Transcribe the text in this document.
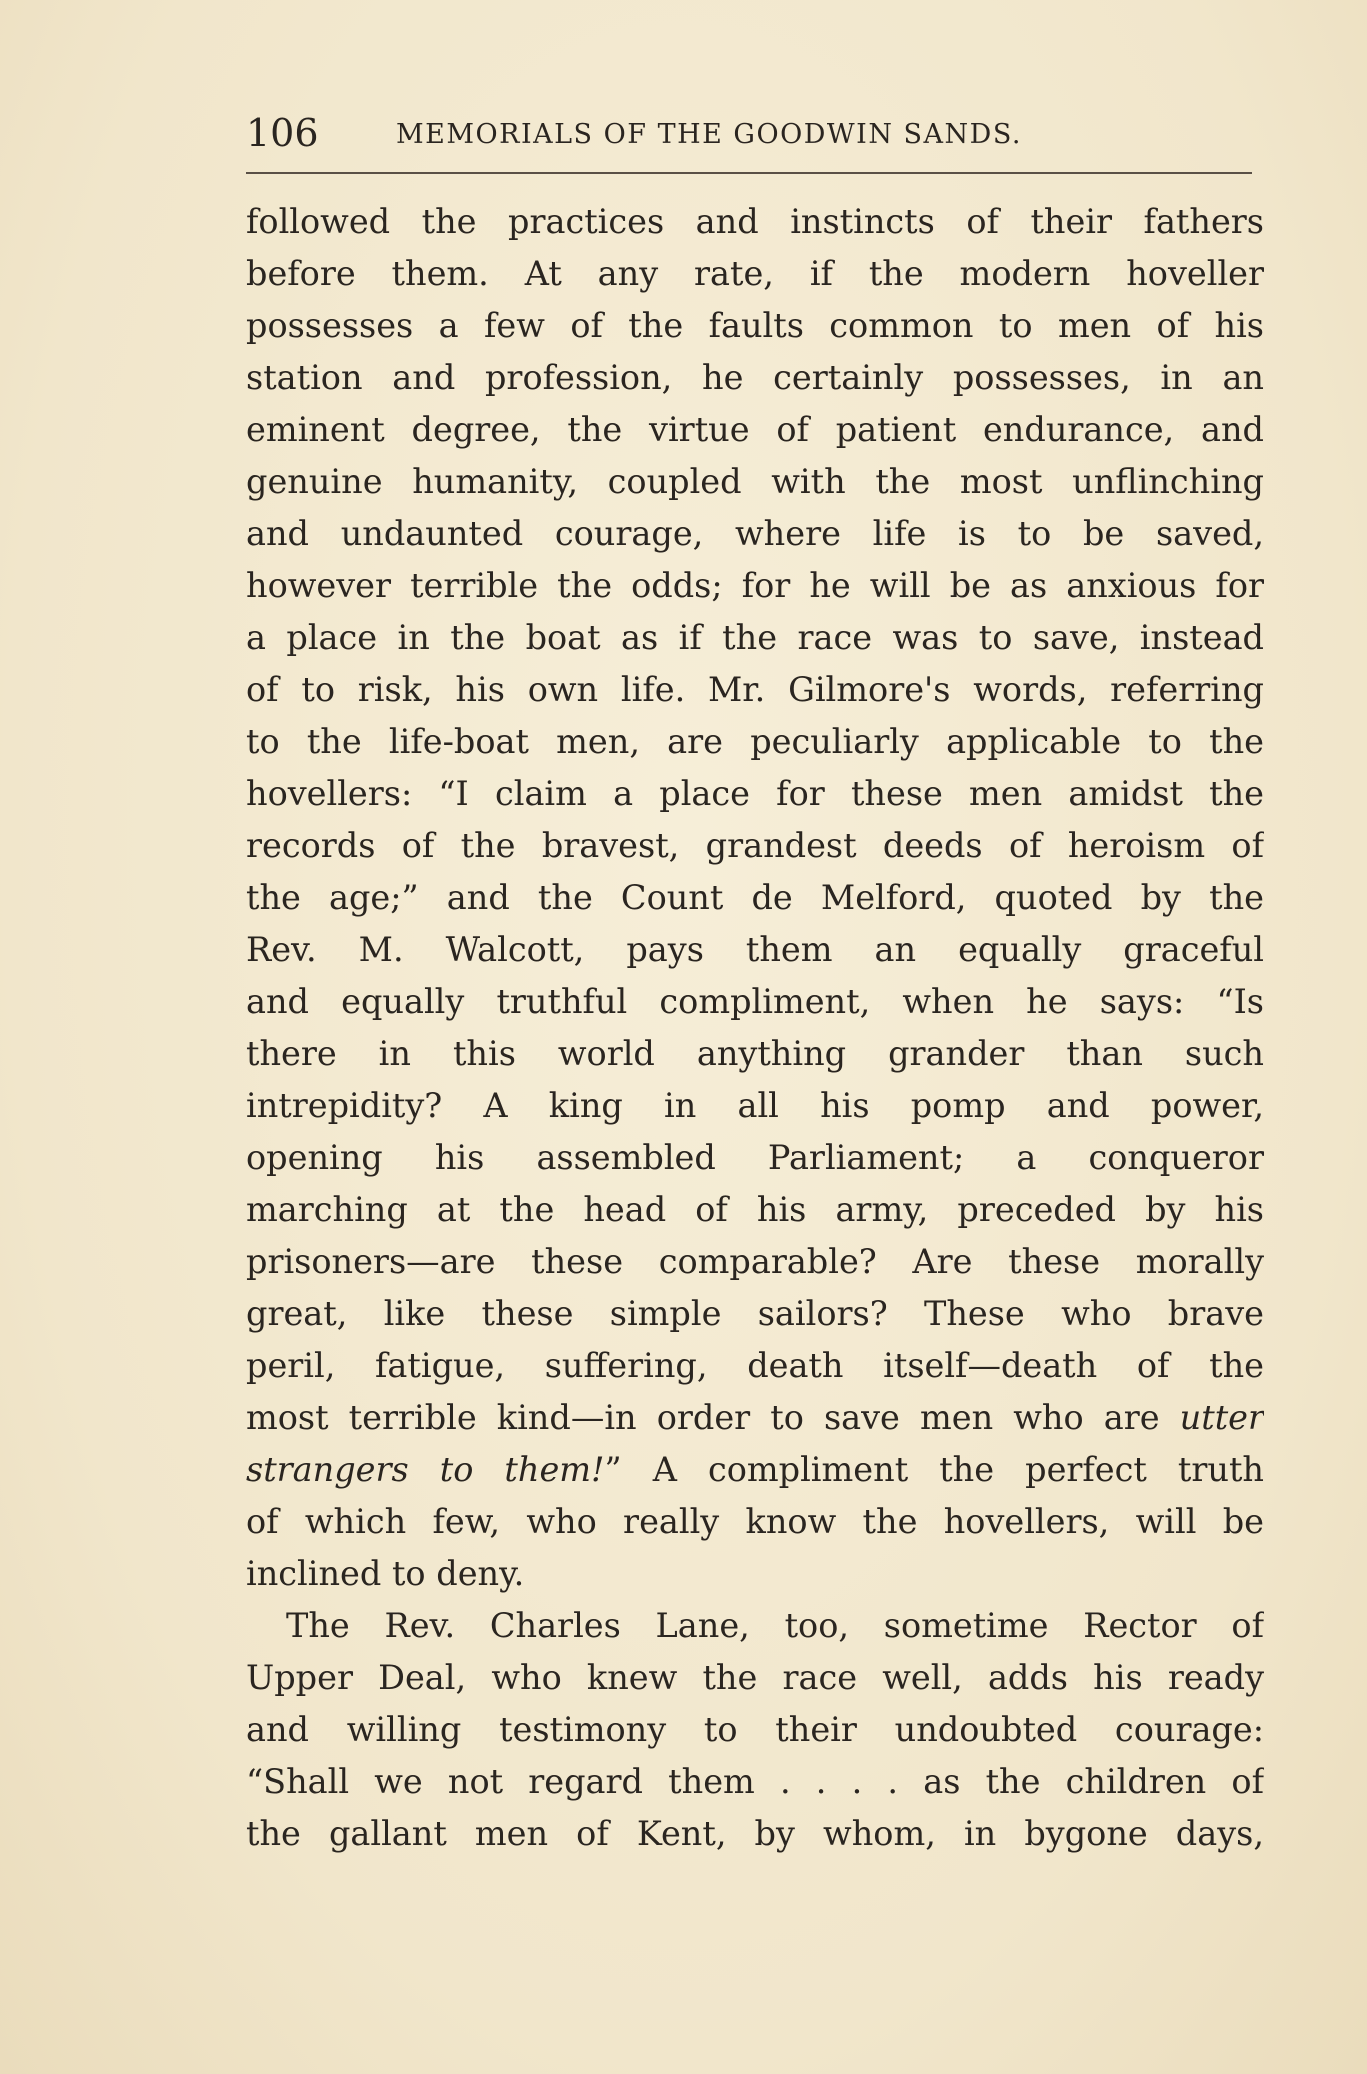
106	MEMORIALS OF THE GOODWIN SANDS.
followed the practices and instincts of their fathers
before them. At any rate, if the modern hoveller
possesses a few of the faults common to men of his
station and profession, he certainly possesses, in an
eminent degree, the virtue of patient endurance, and
genuine humanity, coupled with the most unflinching
and undaunted courage, where life is to be saved,
however terrible the odds; for he will be as anxious for
a place in the boat as if the race was to save, instead
of to risk, his own life. Mr. Gilmore's words, referring
to the life-boat men, are peculiarly applicable to the
hovellers: “I claim a place for these men amidst the
records of the bravest, grandest deeds of heroism of
the age;” and the Count de Melford, quoted by the
Rev. M. Walcott, pays them an equally graceful
and equally truthful compliment, when he says: “Is
there in this world anything grander than such
intrepidity? A king in all his pomp and power,
opening his assembled Parliament; a conqueror
marching at the head of his army, preceded by his
prisoners—are these comparable? Are these morally
great, like these simple sailors? These who brave
peril, fatigue, suffering, death itself—death of the
most terrible kind—in order to save men who are utter
strangers to them!” A compliment the perfect truth
of which few, who really know the hovellers, will be
inclined to deny.
The Rev. Charles Lane, too, sometime Rector of
Upper Deal, who knew the race well, adds his ready
and willing testimony to their undoubted courage:
“Shall we not regard them . . . . as the children of
the gallant men of Kent, by whom, in bygone days,
